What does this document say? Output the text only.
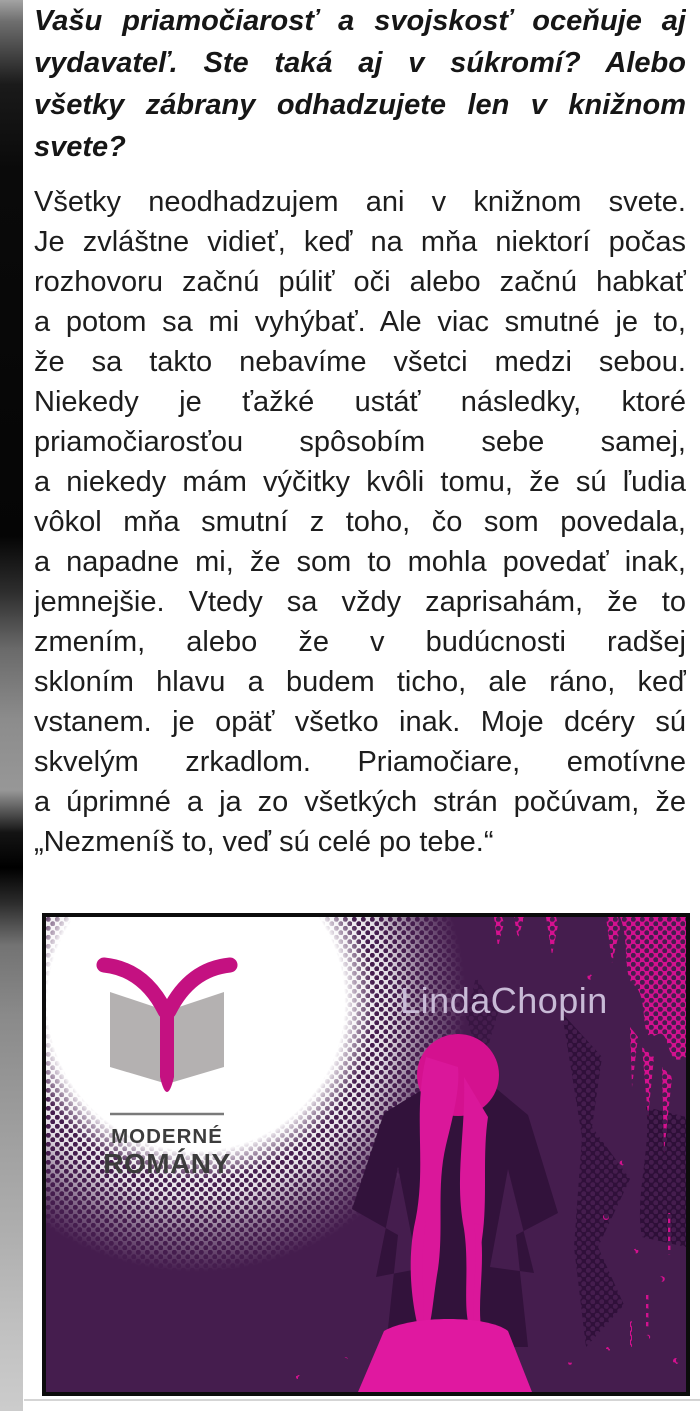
Vašu priamočiarosť a svojskosť oceňuje aj
vydavateľ. Ste taká aj v súkromí? Alebo
všetky zábrany odhadzujete len v knižnom
svete?
Všetky neodhadzujem ani v knižnom svete.
Je zvláštne vidieť, keď na mňa niektorí počas
rozhovoru začnú púliť oči alebo začnú habkať
a potom sa mi vyhýbať. Ale viac smutné je to,
že sa takto nebavíme všetci medzi sebou.
Niekedy je ťažké ustáť následky, ktoré
priamočiarosťou spôsobím sebe samej,
a niekedy mám výčitky kvôli tomu, že sú ľudia
vôkol mňa smutní z toho, čo som povedala,
a napadne mi, že som to mohla povedať inak,
jemnejšie. Vtedy sa vždy zaprisahám, že to
zmením, alebo že v budúcnosti radšej
skloním hlavu a budem ticho, ale ráno, keď
vstanem. je opäť všetko inak. Moje dcéry sú
skvelým zrkadlom. Priamočiare, emotívne
a úprimné a ja zo všetkých strán počúvam, že
„Nezmeníš to, veď sú celé po tebe.“
LindaChopin
MODERNÉ
ROMÁNY
